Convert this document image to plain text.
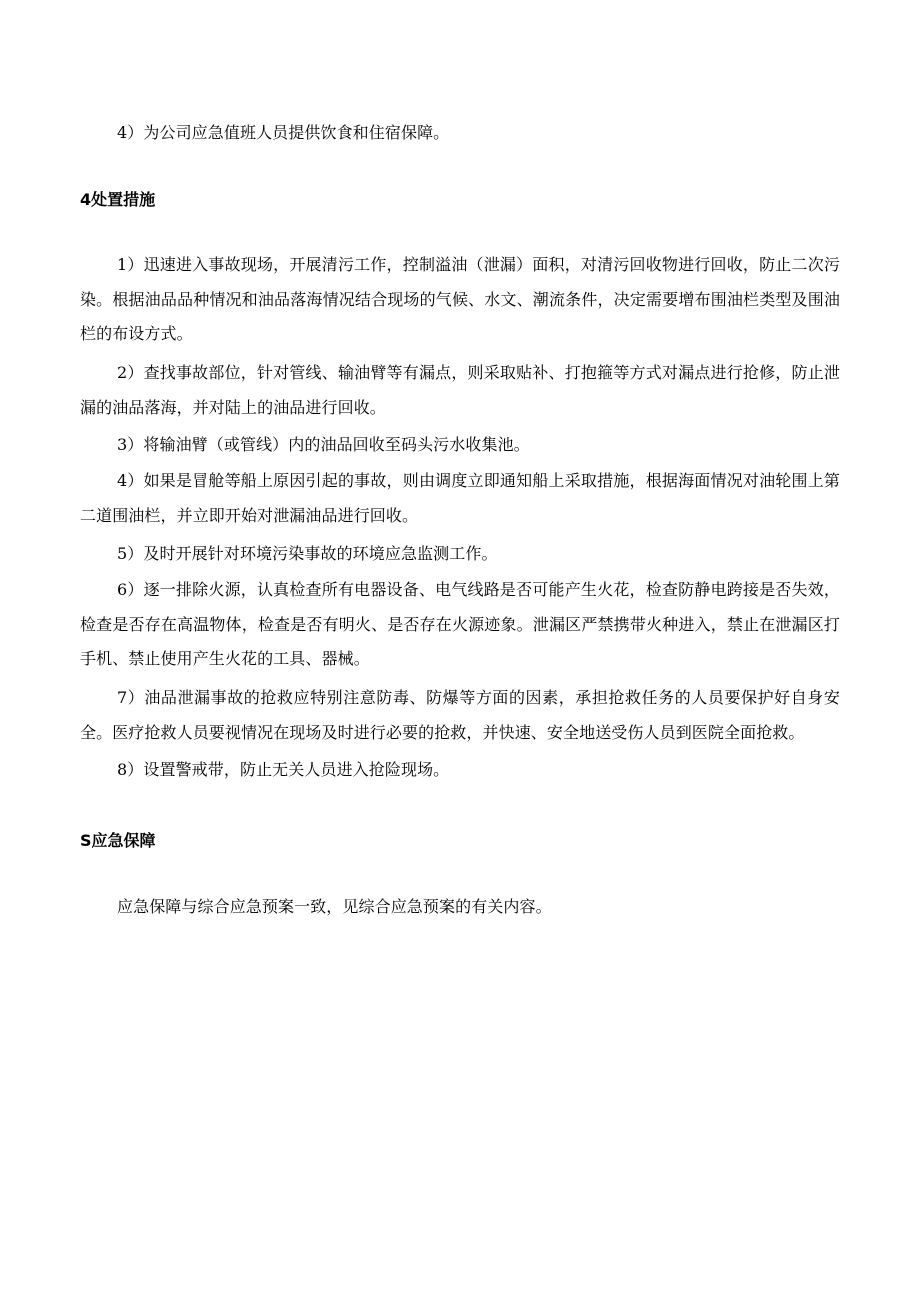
4）为公司应急值班人员提供饮食和住宿保障。

4处置措施

1）迅速进入事故现场，开展清污工作，控制溢油（泄漏）面积，对清污回收物进行回收，防止二次污染。根据油品品种情况和油品落海情况结合现场的气候、水文、潮流条件，决定需要增布围油栏类型及围油栏的布设方式。

2）查找事故部位，针对管线、输油臂等有漏点，则采取贴补、打抱箍等方式对漏点进行抢修，防止泄漏的油品落海，并对陆上的油品进行回收。

3）将输油臂（或管线）内的油品回收至码头污水收集池。

4）如果是冒舱等船上原因引起的事故，则由调度立即通知船上采取措施，根据海面情况对油轮围上第二道围油栏，并立即开始对泄漏油品进行回收。

5）及时开展针对环境污染事故的环境应急监测工作。

6）逐一排除火源，认真检查所有电器设备、电气线路是否可能产生火花，检查防静电跨接是否失效，检查是否存在高温物体，检查是否有明火、是否存在火源迹象。泄漏区严禁携带火种进入，禁止在泄漏区打手机、禁止使用产生火花的工具、器械。

7）油品泄漏事故的抢救应特别注意防毒、防爆等方面的因素，承担抢救任务的人员要保护好自身安全。医疗抢救人员要视情况在现场及时进行必要的抢救，并快速、安全地送受伤人员到医院全面抢救。

8）设置警戒带，防止无关人员进入抢险现场。

S应急保障

应急保障与综合应急预案一致，见综合应急预案的有关内容。
